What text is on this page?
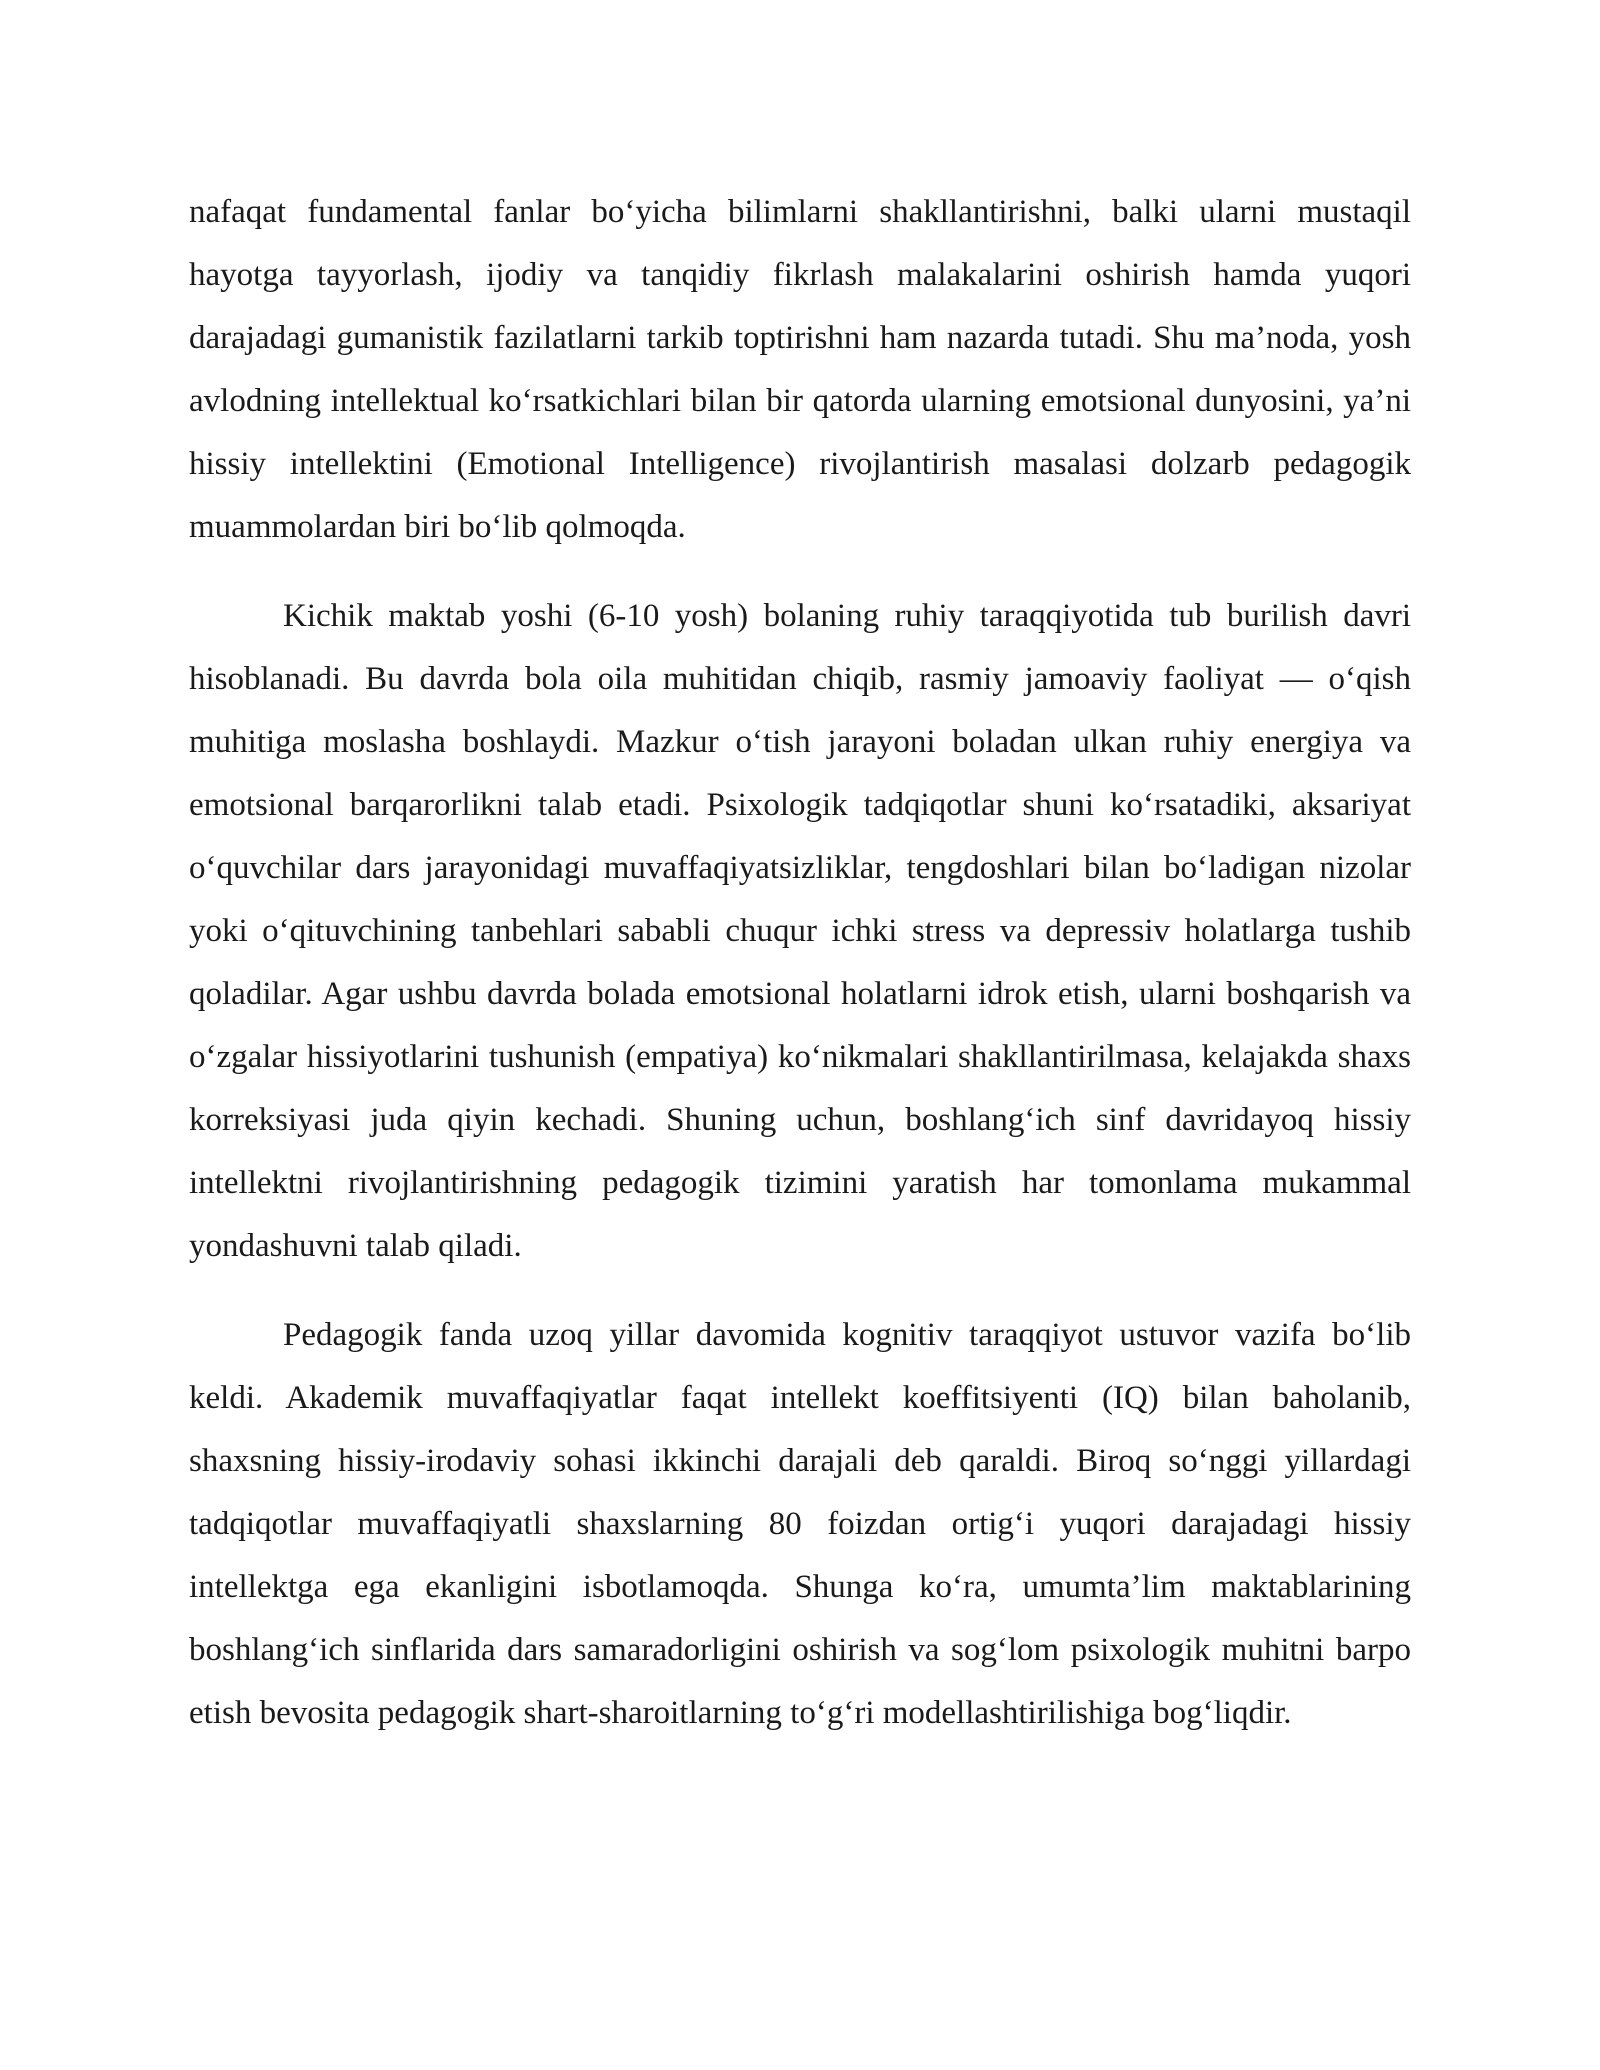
nafaqat fundamental fanlar bo‘yicha bilimlarni shakllantirishni, balki ularni mustaqil hayotga tayyorlash, ijodiy va tanqidiy fikrlash malakalarini oshirish hamda yuqori darajadagi gumanistik fazilatlarni tarkib toptirishni ham nazarda tutadi. Shu ma’noda, yosh avlodning intellektual ko‘rsatkichlari bilan bir qatorda ularning emotsional dunyosini, ya’ni hissiy intellektini (Emotional Intelligence) rivojlantirish masalasi dolzarb pedagogik muammolardan biri bo‘lib qolmoqda.

Kichik maktab yoshi (6-10 yosh) bolaning ruhiy taraqqiyotida tub burilish davri hisoblanadi. Bu davrda bola oila muhitidan chiqib, rasmiy jamoaviy faoliyat — o‘qish muhitiga moslasha boshlaydi. Mazkur o‘tish jarayoni boladan ulkan ruhiy energiya va emotsional barqarorlikni talab etadi. Psixologik tadqiqotlar shuni ko‘rsatadiki, aksariyat o‘quvchilar dars jarayonidagi muvaffaqiyatsizliklar, tengdoshlari bilan bo‘ladigan nizolar yoki o‘qituvchining tanbehlari sababli chuqur ichki stress va depressiv holatlarga tushib qoladilar. Agar ushbu davrda bolada emotsional holatlarni idrok etish, ularni boshqarish va o‘zgalar hissiyotlarini tushunish (empatiya) ko‘nikmalari shakllantirilmasa, kelajakda shaxs korreksiyasi juda qiyin kechadi. Shuning uchun, boshlang‘ich sinf davridayoq hissiy intellektni rivojlantirishning pedagogik tizimini yaratish har tomonlama mukammal yondashuvni talab qiladi.

Pedagogik fanda uzoq yillar davomida kognitiv taraqqiyot ustuvor vazifa bo‘lib keldi. Akademik muvaffaqiyatlar faqat intellekt koeffitsiyenti (IQ) bilan baholanib, shaxsning hissiy-irodaviy sohasi ikkinchi darajali deb qaraldi. Biroq so‘nggi yillardagi tadqiqotlar muvaffaqiyatli shaxslarning 80 foizdan ortig‘i yuqori darajadagi hissiy intellektga ega ekanligini isbotlamoqda. Shunga ko‘ra, umumta’lim maktablarining boshlang‘ich sinflarida dars samaradorligini oshirish va sog‘lom psixologik muhitni barpo etish bevosita pedagogik shart-sharoitlarning to‘g‘ri modellashtirilishiga bog‘liqdir.
